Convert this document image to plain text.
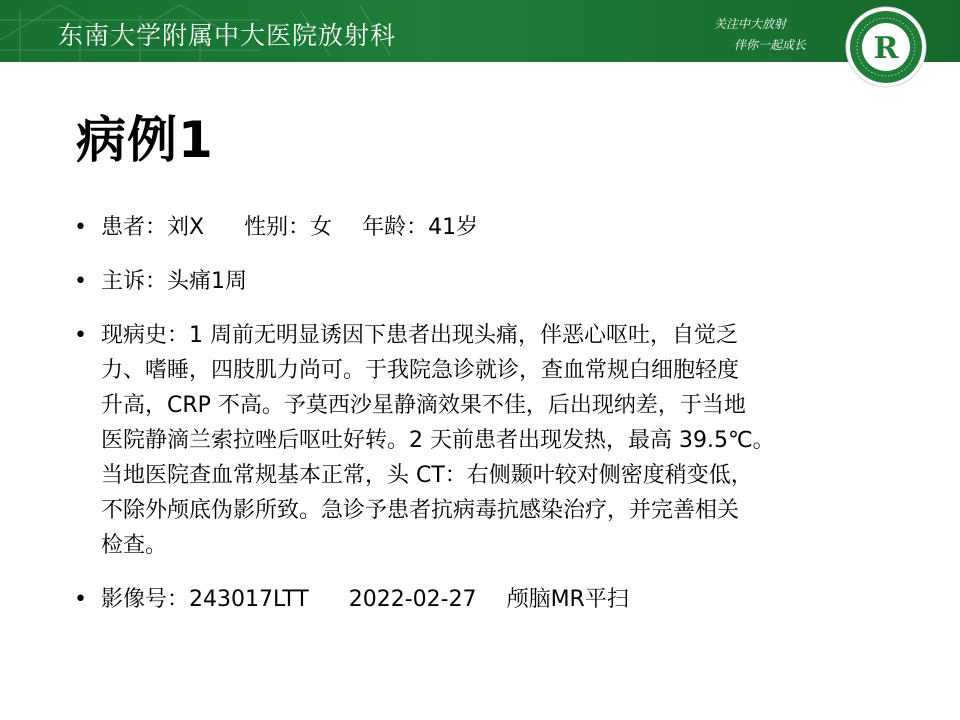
东南大学附属中大医院放射科	关注中大放射
伴你一起成长 R
病例1
• 患者：刘X 性别：女 年龄：41岁
• 主诉：头痛1周
• 现病史：1 周前无明显诱因下患者出现头痛，伴恶心呕吐，自觉乏
力、嗜睡，四肢肌力尚可。于我院急诊就诊，查血常规白细胞轻度
升高，CRP 不高。予莫西沙星静滴效果不佳，后出现纳差，于当地
医院静滴兰索拉唑后呕吐好转。2 天前患者出现发热，最高 39.5℃。
当地医院查血常规基本正常，头 CT：右侧颞叶较对侧密度稍变低，
不除外颅底伪影所致。急诊予患者抗病毒抗感染治疗，并完善相关
检查。
• 影像号：243017LTT 2022-02-27 颅脑MR平扫
